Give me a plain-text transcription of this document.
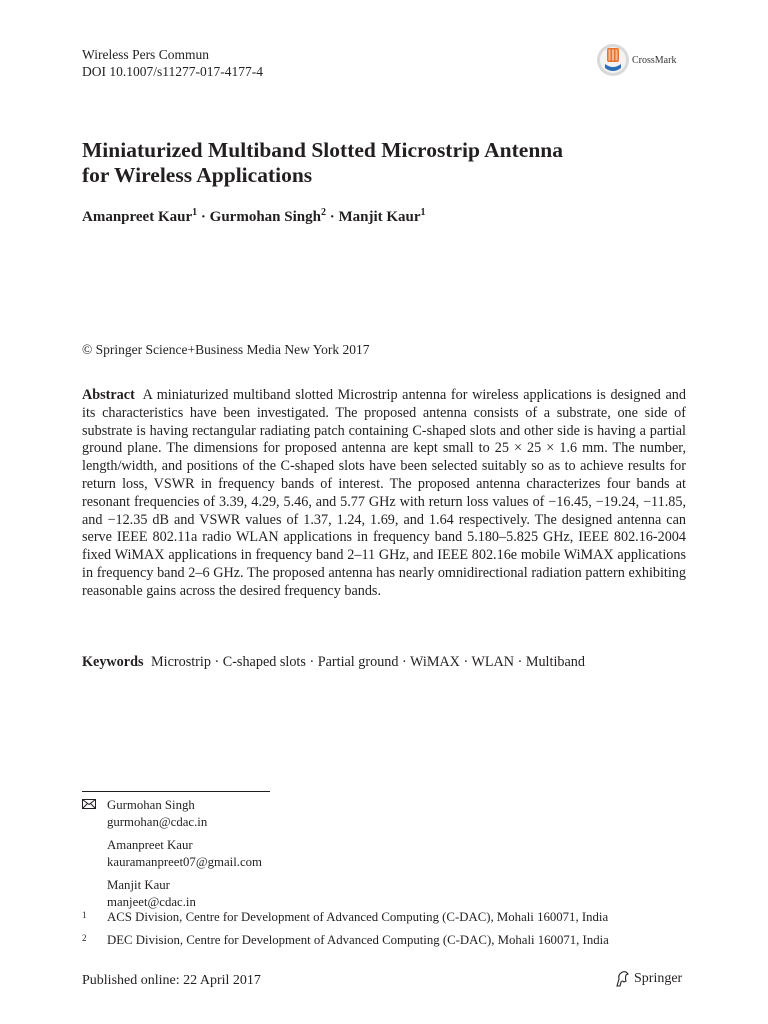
Wireless Pers Commun
DOI 10.1007/s11277-017-4177-4
CrossMark
Miniaturized Multiband Slotted Microstrip Antenna
for Wireless Applications
Amanpreet Kaur$^1$ · Gurmohan Singh$^2$ · Manjit Kaur$^1$
© Springer Science+Business Media New York 2017
Abstract A miniaturized multiband slotted Microstrip antenna for wireless applications is designed and its characteristics have been investigated. The proposed antenna consists of a substrate, one side of substrate is having rectangular radiating patch containing C-shaped slots and other side is having a partial ground plane. The dimensions for proposed antenna are kept small to 25 × 25 × 1.6 mm. The number, length/width, and positions of the C-shaped slots have been selected suitably so as to achieve results for return loss, VSWR in frequency bands of interest. The proposed antenna characterizes four bands at resonant frequencies of 3.39, 4.29, 5.46, and 5.77 GHz with return loss values of −16.45, −19.24, −11.85, and −12.35 dB and VSWR values of 1.37, 1.24, 1.69, and 1.64 respectively. The designed antenna can serve IEEE 802.11a radio WLAN applications in frequency band 5.180–5.825 GHz, IEEE 802.16-2004 fixed WiMAX applications in frequency band 2–11 GHz, and IEEE 802.16e mobile WiMAX applications in frequency band 2–6 GHz. The proposed antenna has nearly omnidirectional radiation pattern exhibiting reasonable gains across the desired frequency bands.
Keywords Microstrip · C-shaped slots · Partial ground · WiMAX · WLAN · Multiband
Gurmohan Singh
gurmohan@cdac.in
Amanpreet Kaur
kauramanpreet07@gmail.com
Manjit Kaur
manjeet@cdac.in
1	ACS Division, Centre for Development of Advanced Computing (C-DAC), Mohali 160071, India
2	DEC Division, Centre for Development of Advanced Computing (C-DAC), Mohali 160071, India
Published online: 22 April 2017	Springer
